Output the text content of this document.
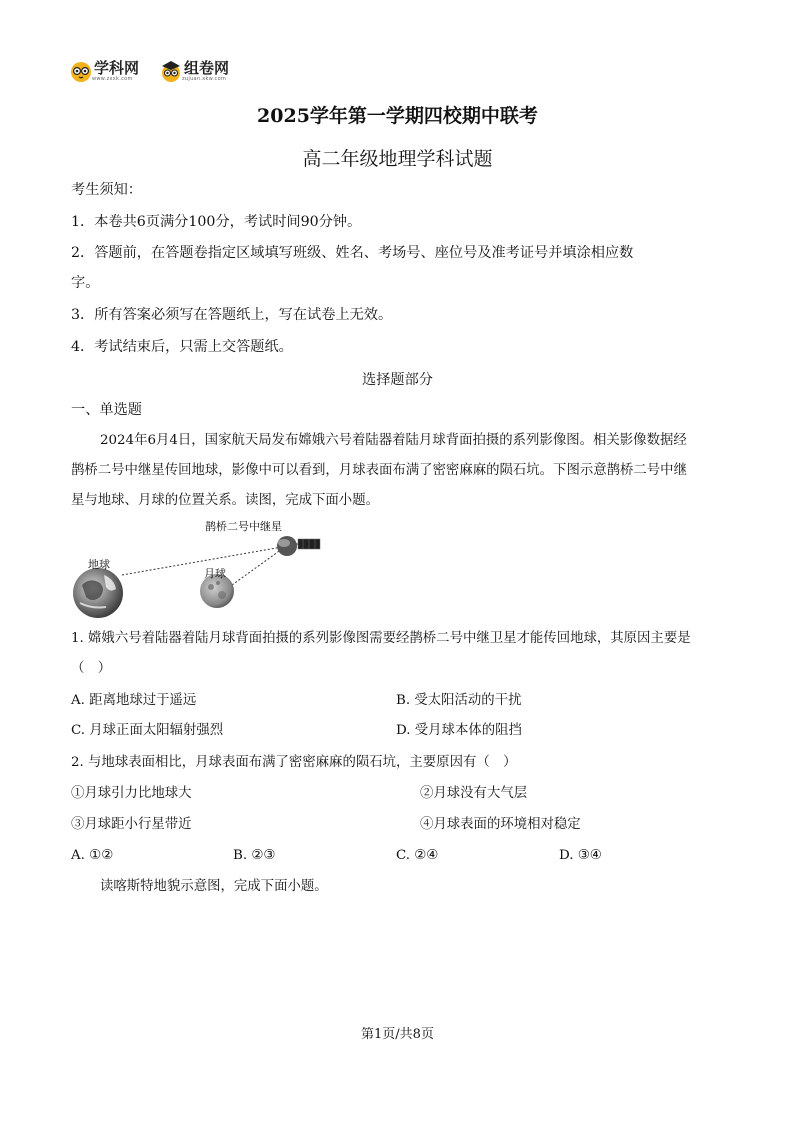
学科网
www.zxxk.com
组卷网
zujuan.xkw.com
2025学年第一学期四校期中联考
高二年级地理学科试题
考生须知：
1．本卷共6页满分100分，考试时间90分钟。
2．答题前，在答题卷指定区域填写班级、姓名、考场号、座位号及准考证号并填涂相应数
字。
3．所有答案必须写在答题纸上，写在试卷上无效。
4．考试结束后，只需上交答题纸。
选择题部分
一、单选题
2024年6月4日，国家航天局发布嫦娥六号着陆器着陆月球背面拍摄的系列影像图。相关影像数据经
鹊桥二号中继星传回地球，影像中可以看到，月球表面布满了密密麻麻的陨石坑。下图示意鹊桥二号中继
星与地球、月球的位置关系。读图，完成下面小题。
鹊桥二号中继星
地球
月球
1. 嫦娥六号着陆器着陆月球背面拍摄的系列影像图需要经鹊桥二号中继卫星才能传回地球，其原因主要是
（　）
A. 距离地球过于遥远	B. 受太阳活动的干扰
C. 月球正面太阳辐射强烈	D. 受月球本体的阻挡
2. 与地球表面相比，月球表面布满了密密麻麻的陨石坑，主要原因有（　）
①月球引力比地球大	②月球没有大气层
③月球距小行星带近	④月球表面的环境相对稳定
A. ①②	B. ②③	C. ②④	D. ③④
读喀斯特地貌示意图，完成下面小题。
第1页/共8页
